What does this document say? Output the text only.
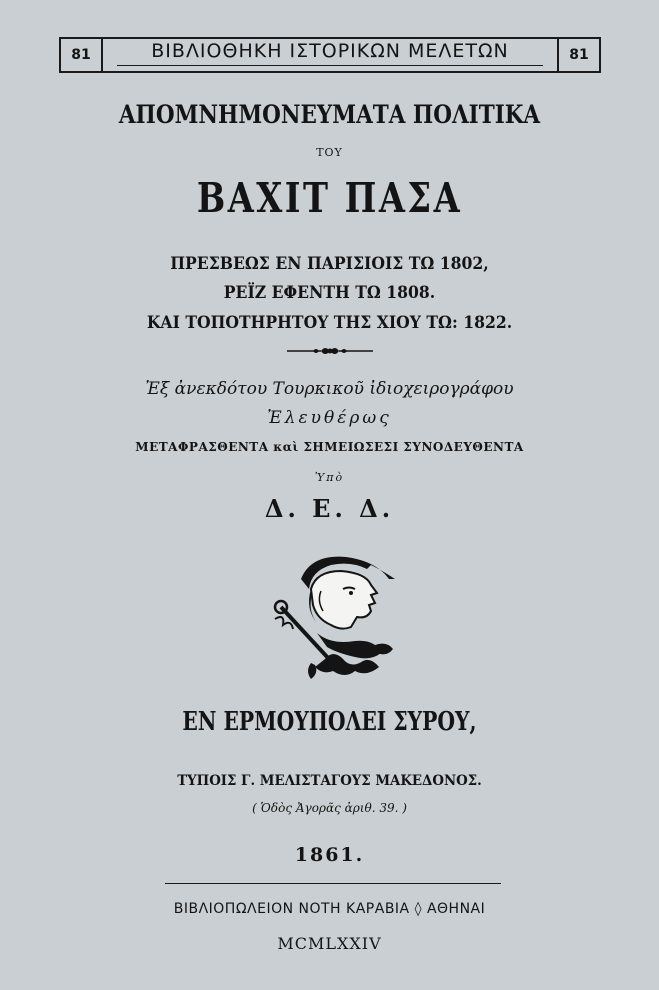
81	ΒΙΒΛΙΟΘΗΚΗ ΙΣΤΟΡΙΚΩΝ ΜΕΛΕΤΩΝ	81
ΑΠΟΜΝΗΜΟΝΕΥΜΑΤΑ ΠΟΛΙΤΙΚΑ
ΤΟΥ
ΒΑΧΙΤ ΠΑΣΑ
ΠΡΕΣΒΕΩΣ ΕΝ ΠΑΡΙΣΙΟΙΣ ΤΩ 1802,
ΡΕΪΖ ΕΦΕΝΤΗ ΤΩ 1808.
ΚΑΙ ΤΟΠΟΤΗΡΗΤΟΥ ΤΗΣ ΧΙΟΥ ΤΩ: 1822.
Ἐξ ἀνεκδότου Τουρκικοῦ ἰδιοχειρογράφου
Ἐλευθέρως
ΜΕΤΑΦΡΑΣΘΕΝΤΑ καὶ ΣΗΜΕΙΩΣΕΣΙ ΣΥΝΟΔΕΥΘΕΝΤΑ
Ὑπὸ
Δ. Ε. Δ.
ΕΝ ΕΡΜΟΥΠΟΛΕΙ ΣΥΡΟΥ,
ΤΥΠΟΙΣ Γ. ΜΕΛΙΣΤΑΓΟΥΣ ΜΑΚΕΔΟΝΟΣ.
( Ὁδὸς Ἀγορᾶς ἀριθ. 39. )
1861.
ΒΙΒΛΙΟΠΩΛΕΙΟΝ ΝΟΤΗ ΚΑΡΑΒΙΑ ◊ ΑΘΗΝΑΙ
MCMLXXIV
